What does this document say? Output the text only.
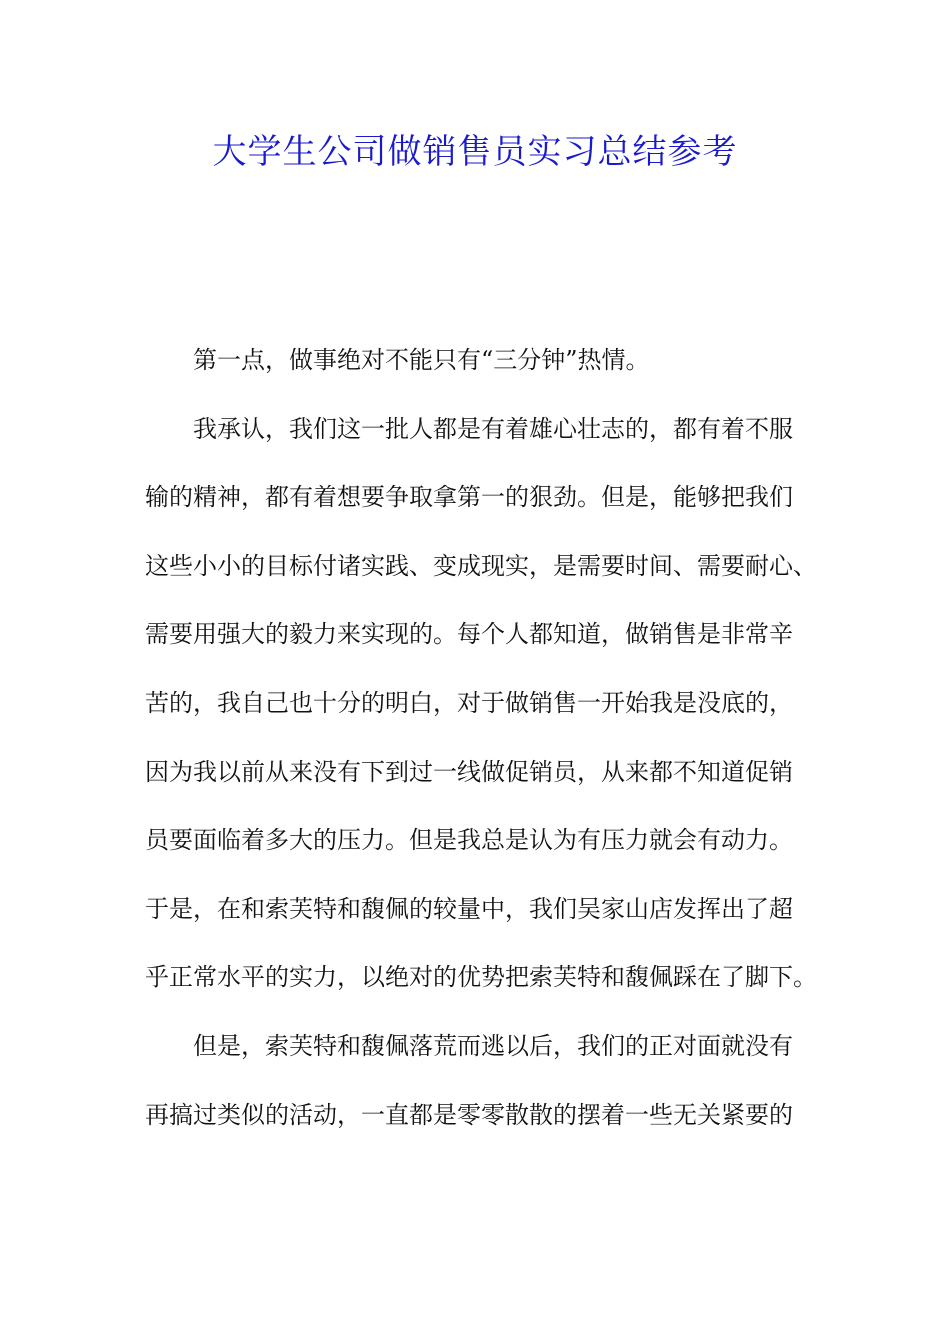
大学生公司做销售员实习总结参考
第一点，做事绝对不能只有“三分钟”热情。
我承认，我们这一批人都是有着雄心壮志的，都有着不服
输的精神，都有着想要争取拿第一的狠劲。但是，能够把我们
这些小小的目标付诸实践、变成现实，是需要时间、需要耐心、
需要用强大的毅力来实现的。每个人都知道，做销售是非常辛
苦的，我自己也十分的明白，对于做销售一开始我是没底的，
因为我以前从来没有下到过一线做促销员，从来都不知道促销
员要面临着多大的压力。但是我总是认为有压力就会有动力。
于是，在和索芙特和馥佩的较量中，我们吴家山店发挥出了超
乎正常水平的实力，以绝对的优势把索芙特和馥佩踩在了脚下。
但是，索芙特和馥佩落荒而逃以后，我们的正对面就没有
再搞过类似的活动，一直都是零零散散的摆着一些无关紧要的
